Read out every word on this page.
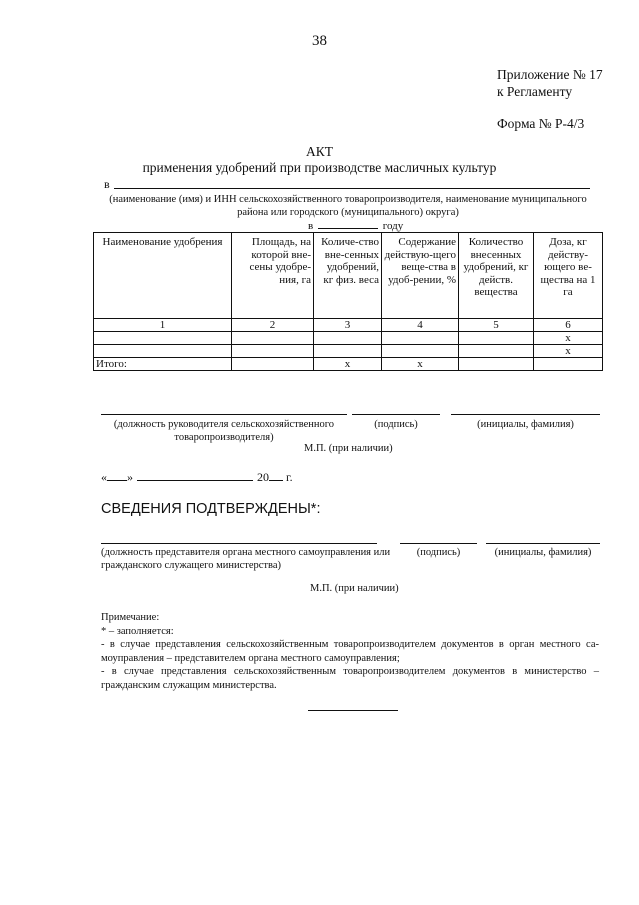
38
Приложение № 17
к Регламенту
Форма № Р-4/3
АКТ
применения удобрений при производстве масличных культур
в
(наименование (имя) и ИНН сельскохозяйственного товаропроизводителя, наименование муниципального района или городского (муниципального) округа)
в	году
Наименование удобрения	Площадь, на которой вне-сены удобре-ния, га	Количе-ство вне-сенных удобрений, кг физ. веса	Содержание действую-щего веще-ства в удоб-рении, %	Количество внесенных удобрений, кг действ. вещества	Доза, кг действу-ющего ве-щества на 1 га
1	2	3	4	5	6
					х
					х
Итого:		х	х		
(должность руководителя сельскохозяйственного товаропроизводителя)
(подпись)	(инициалы, фамилия)
М.П. (при наличии)
« »	20 г.
СВЕДЕНИЯ ПОДТВЕРЖДЕНЫ*:
(должность представителя органа местного самоуправления или гражданского служащего министерства)
(подпись)	(инициалы, фамилия)
М.П. (при наличии)
Примечание:
* – заполняется:
- в случае представления сельскохозяйственным товаропроизводителем документов в орган местного са-моуправления – представителем органа местного самоуправления;
- в случае представления сельскохозяйственным товаропроизводителем документов в министерство – гражданским служащим министерства.
